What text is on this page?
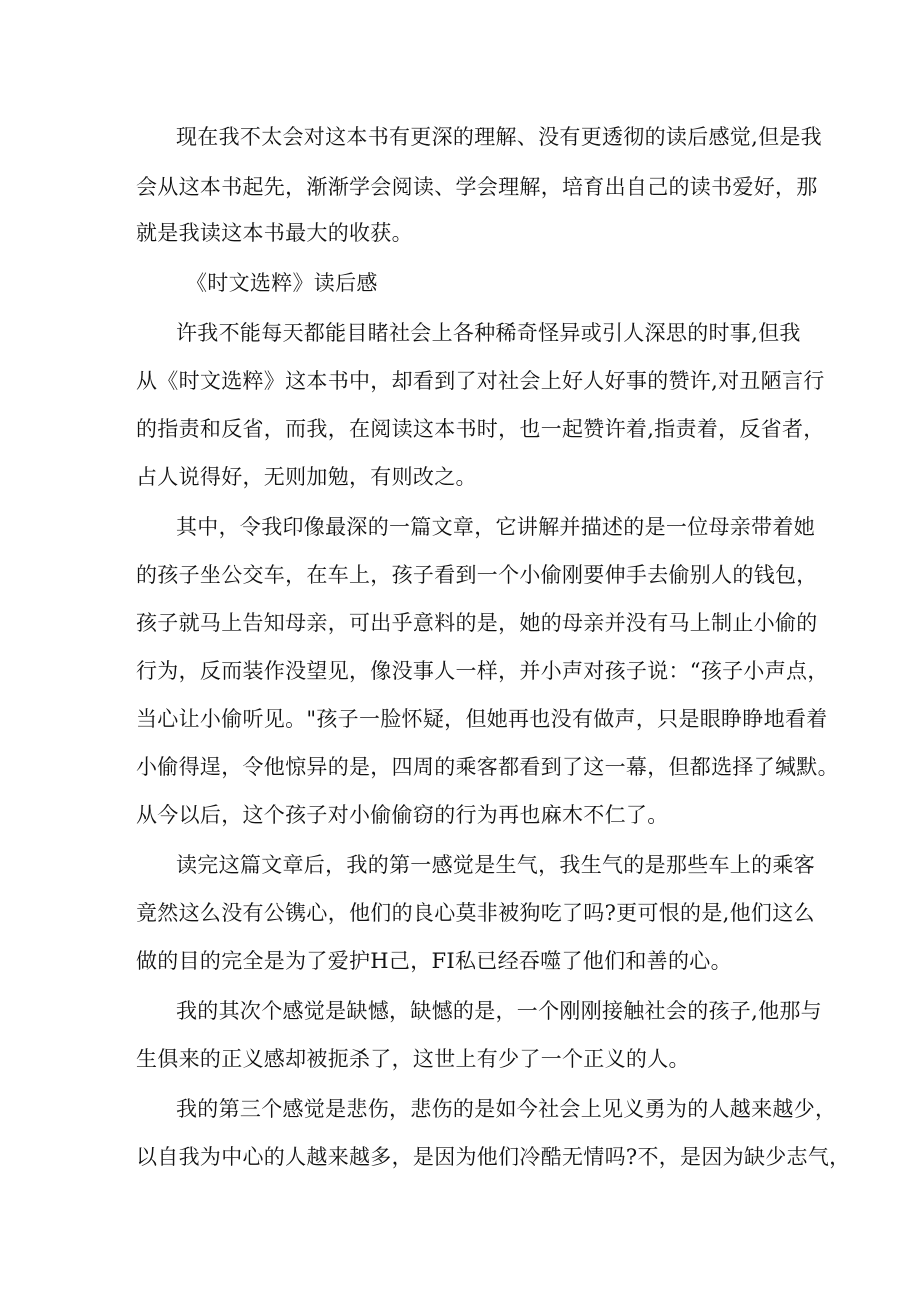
现在我不太会对这本书有更深的理解、没有更透彻的读后感觉,但是我
会从这本书起先，渐渐学会阅读、学会理解，培育出自己的读书爱好，那
就是我读这本书最大的收获。
《时文选粹》读后感
许我不能每天都能目睹社会上各种稀奇怪异或引人深思的时事,但我
从《时文选粹》这本书中，却看到了对社会上好人好事的赞许,对丑陋言行
的指责和反省，而我，在阅读这本书时，也一起赞许着,指责着，反省者，
占人说得好，无则加勉，有则改之。
其中，令我印像最深的一篇文章，它讲解并描述的是一位母亲带着她
的孩子坐公交车，在车上，孩子看到一个小偷刚要伸手去偷别人的钱包，
孩子就马上告知母亲，可出乎意料的是，她的母亲并没有马上制止小偷的
行为，反而装作没望见，像没事人一样，并小声对孩子说：“孩子小声点，
当心让小偷听见。"孩子一脸怀疑，但她再也没有做声，只是眼睁睁地看着
小偷得逞，令他惊异的是，四周的乘客都看到了这一幕，但都选择了缄默。
从今以后，这个孩子对小偷偷窃的行为再也麻木不仁了。
读完这篇文章后，我的第一感觉是生气，我生气的是那些车上的乘客
竟然这么没有公镌心，他们的良心莫非被狗吃了吗?更可恨的是,他们这么
做的目的完全是为了爱护H己，FI私已经吞噬了他们和善的心。
我的其次个感觉是缺憾，缺憾的是，一个刚刚接触社会的孩子,他那与
生俱来的正义感却被扼杀了，这世上有少了一个正义的人。
我的第三个感觉是悲伤，悲伤的是如今社会上见义勇为的人越来越少，
以自我为中心的人越来越多，是因为他们冷酷无情吗?不，是因为缺少志气，
